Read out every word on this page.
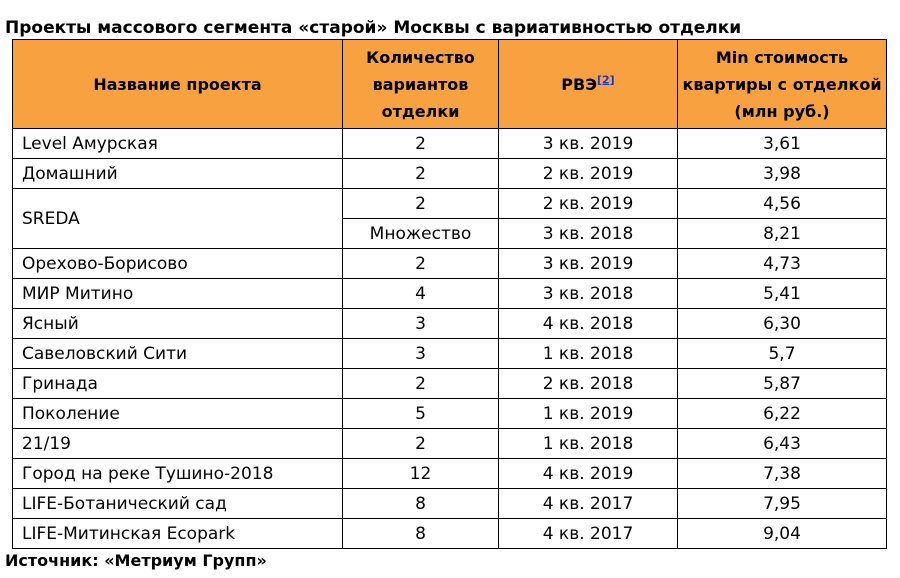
Проекты массового сегмента «старой» Москвы с вариативностью отделки
Название проекта	Количество вариантов отделки	РВЭ[2]	Min стоимость квартиры с отделкой (млн руб.)
Level Амурская	2	3 кв. 2019	3,61
Домашний	2	2 кв. 2019	3,98
SREDA	2	2 кв. 2019	4,56
	Множество	3 кв. 2018	8,21
Орехово-Борисово	2	3 кв. 2019	4,73
МИР Митино	4	3 кв. 2018	5,41
Ясный	3	4 кв. 2018	6,30
Савеловский Сити	3	1 кв. 2018	5,7
Гринада	2	2 кв. 2018	5,87
Поколение	5	1 кв. 2019	6,22
21/19	2	1 кв. 2018	6,43
Город на реке Тушино-2018	12	4 кв. 2019	7,38
LIFE-Ботанический сад	8	4 кв. 2017	7,95
LIFE-Митинская Ecopark	8	4 кв. 2017	9,04
Источник: «Метриум Групп»
